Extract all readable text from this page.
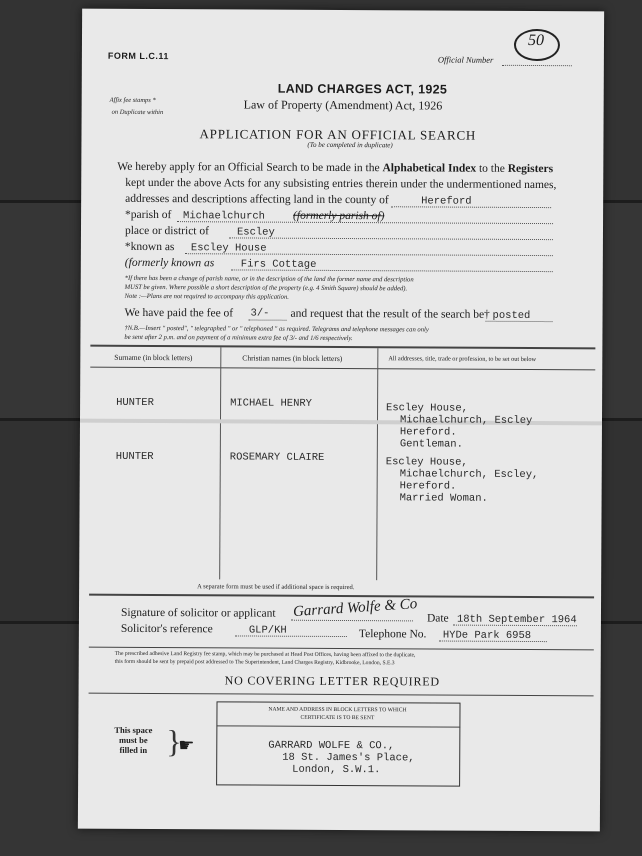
FORM L.C.11	Official Number
50
Affix fee stamps *
on Duplicate within
LAND CHARGES ACT, 1925
Law of Property (Amendment) Act, 1926
APPLICATION FOR AN OFFICIAL SEARCH
(To be completed in duplicate)
We hereby apply for an Official Search to be made in the Alphabetical Index to the Registers
kept under the above Acts for any subsisting entries therein under the undermentioned names,
addresses and descriptions affecting land in the county of	Hereford
*parish of Michaelchurch (formerly parish of)
place or district of	Escley
*known as Escley House
(formerly known as	Firs Cottage
*If there has been a change of parish name, or in the description of the land the former name and description
MUST be given. Where possible a short description of the property (e.g. 4 Smith Square) should be added).
Note :—Plans are not required to accompany this application.
We have paid the fee of 3/- and request that the result of the search be† posted
†N.B.—Insert " posted", " telegraphed " or " telephoned " as required. Telegrams and telephone messages can only
be sent after 2 p.m. and on payment of a minimum extra fee of 3/- and 1/6 respectively.
Surname (in block letters)	Christian names (in block letters)	All addresses, title, trade or profession, to be set out below
HUNTER	MICHAEL HENRY	Escley House,
Michaelchurch, Escley
Hereford.
Gentleman.
HUNTER	ROSEMARY CLAIRE	Escley House,
Michaelchurch, Escley,
Hereford.
Married Woman.
A separate form must be used if additional space is required.
Signature of solicitor or applicant Garrard Wolfe & Co Date 18th September 1964
Solicitor's reference	GLP/KH	Telephone No. HYDe Park 6958
The prescribed adhesive Land Registry fee stamp, which may be purchased at Head Post Offices, having been affixed to the duplicate,
this form should be sent by prepaid post addressed to The Superintendent, Land Charges Registry, Kidbrooke, London, S.E.3
NO COVERING LETTER REQUIRED
This space
must be
filled in }
☛
NAME AND ADDRESS IN BLOCK LETTERS TO WHICH
CERTIFICATE IS TO BE SENT
GARRARD WOLFE & CO.,
18 St. James's Place,
London, S.W.1.
